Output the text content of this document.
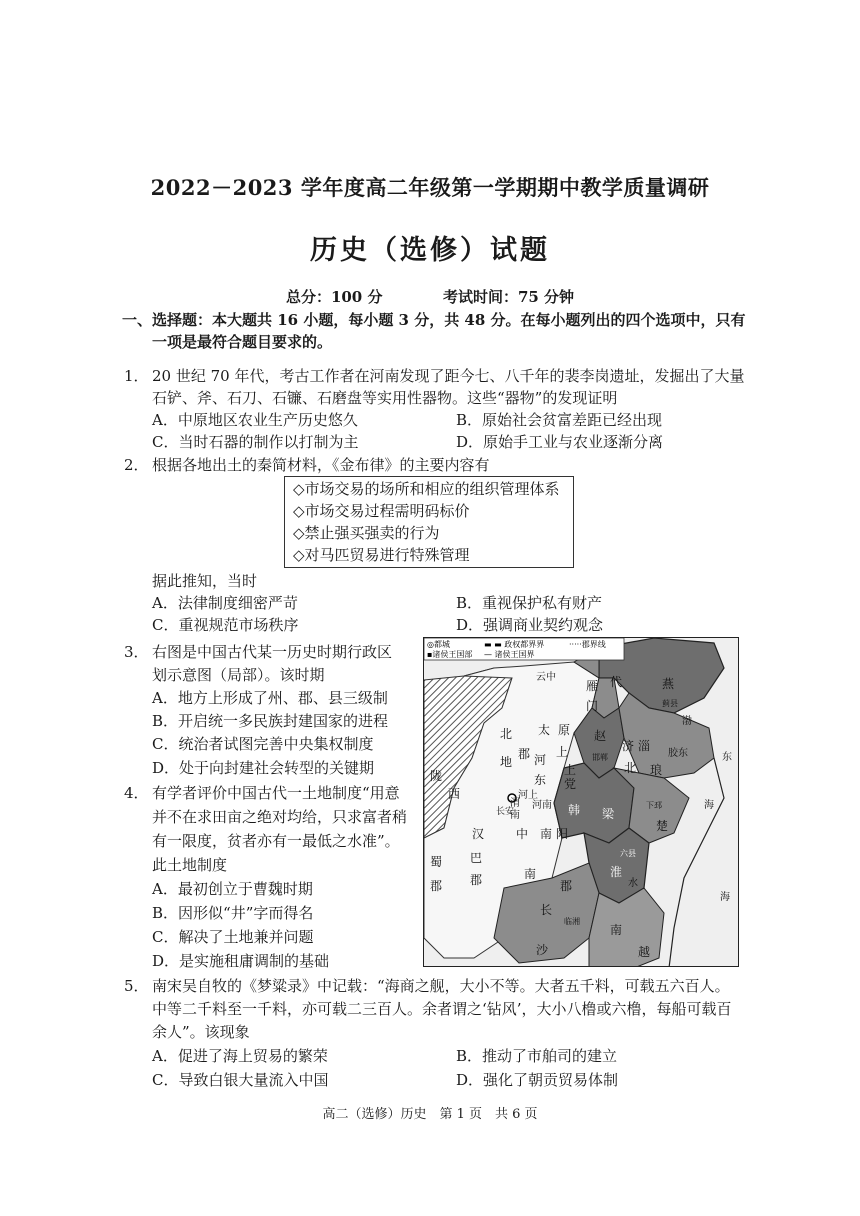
2022－2023 学年度高二年级第一学期期中教学质量调研
历史（选修）试题
总分：100 分	考试时间：75 分钟
一、选择题：本大题共 16 小题，每小题 3 分，共 48 分。在每小题列出的四个选项中，只有
一项是最符合题目要求的。
1． 20 世纪 70 年代，考古工作者在河南发现了距今七、八千年的裴李岗遗址，发掘出了大量
石铲、斧、石刀、石镰、石磨盘等实用性器物。这些“器物”的发现证明
A．中原地区农业生产历史悠久	B．原始社会贫富差距已经出现
C．当时石器的制作以打制为主	D．原始手工业与农业逐渐分离
2． 根据各地出土的秦简材料，《金布律》的主要内容有
◇市场交易的场所和相应的组织管理体系
◇市场交易过程需明码标价
◇禁止强买强卖的行为
◇对马匹贸易进行特殊管理
据此推知，当时
A．法律制度细密严苛	B．重视保护私有财产
C．重视规范市场秩序	D．强调商业契约观念
3． 右图是中国古代某一历史时期行政区
划示意图（局部）。该时期
A．地方上形成了州、郡、县三级制
B．开启统一多民族封建国家的进程
C．统治者试图完善中央集权制度
D．处于向封建社会转型的关键期
4． 有学者评价中国古代一土地制度“用意
并不在求田亩之绝对均给，只求富者稍
有一限度，贫者亦有一最低之水准”。
此土地制度
A．最初创立于曹魏时期
B．因形似“井”字而得名
C．解决了土地兼并问题
D．是实施租庸调制的基础
5． 南宋吴自牧的《梦粱录》中记载：“海商之舰，大小不等。大者五千料，可载五六百人。
中等二千料至一千料，亦可载二三百人。余者谓之‘钻风’，大小八橹或六橹，每船可载百
余人”。该现象
A．促进了海上贸易的繁荣	B．推动了市舶司的建立
C．导致白银大量流入中国	D．强化了朝贡贸易体制
◎都城	▬ ▬ 政权都界界	·····郡界线
▪诸侯王国部 — 诸侯王国界
燕
代
云中
雁
门	蓟县
渤
北 太 原 赵
济 淄
胶东
邯郸
北 琅
上
上
党
地
郡 河
东
陇
西	河上
长安
渭
南
河南 韩 梁
下邳	海
东
楚
汉	中
巴
郡
蜀
郡
南 阳
南
郡
六县
淮
长
沙
临湘
南
越
水
海
高二（选修）历史　第 1 页　共 6 页
